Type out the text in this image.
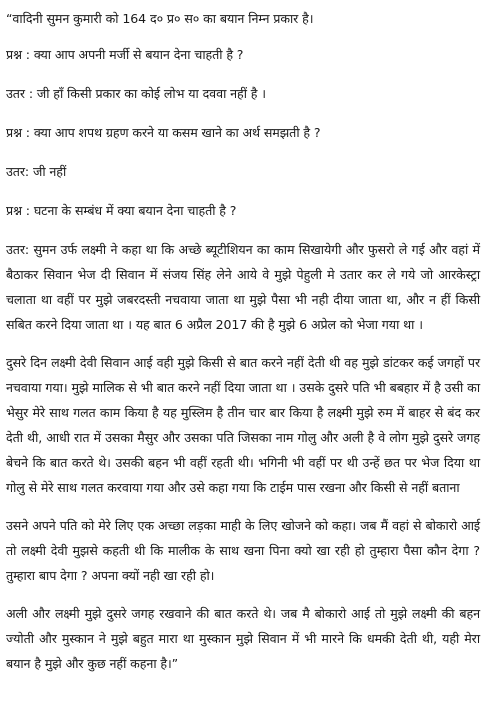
“वादिनी सुमन कुमारी को 164 द० प्र० स० का बयान निम्न प्रकार है।

प्रश्न : क्या आप अपनी मर्जी से बयान देना चाहती है ?

उतर : जी हाँ किसी प्रकार का कोई लोभ या दववा नहीं है ।

प्रश्न : क्या आप शपथ ग्रहण करने या कसम खाने का अर्थ समझती है ?

उतर: जी नहीं

प्रश्न : घटना के सम्बंध में क्या बयान देना चाहती है ?

उतर: सुमन उर्फ लक्ष्मी ने कहा था कि अच्छे ब्यूटीशियन का काम सिखायेगी और फुसरो ले गई और वहां में बैठाकर सिवान भेज दी सिवान में संजय सिंह लेने आये वे मुझे पेहुली मे उतार कर ले गये जो आरकेस्ट्रा चलाता था वहीं पर मुझे जबरदस्ती नचवाया जाता था मुझे पैसा भी नही दीया जाता था, और न हीं किसी सबित करने दिया जाता था । यह बात 6 अप्रैल 2017 की है मुझे 6 अप्रेल को भेजा गया था ।

दुसरे दिन लक्ष्मी देवी सिवान आई वही मुझे किसी से बात करने नहीं देती थी वह मुझे डांटकर कई जगहों पर नचवाया गया। मुझे मालिक से भी बात करने नहीं दिया जाता था । उसके दुसरे पति भी बबहार में है उसी का भेसुर मेरे साथ गलत काम किया है यह मुस्लिम है तीन चार बार किया है लक्ष्मी मुझे रुम में बाहर से बंद कर देती थी, आधी रात में उसका मैसुर और उसका पति जिसका नाम गोलु और अली है वे लोग मुझे दुसरे जगह बेचने कि बात करते थे। उसकी बहन भी वहीं रहती थी। भगिनी भी वहीं पर थी उन्हें छत पर भेज दिया था गोलु से मेरे साथ गलत करवाया गया और उसे कहा गया कि टाईम पास रखना और किसी से नहीं बताना

उसने अपने पति को मेरे लिए एक अच्छा लड़का माही के लिए खोजने को कहा। जब मैं वहां से बोकारो आई तो लक्ष्मी देवी मुझसे कहती थी कि मालीक के साथ खना पिना क्यो खा रही हो तुम्हारा पैसा कौन देगा ? तुम्हारा बाप देगा ? अपना क्यों नही खा रही हो।

अली और लक्ष्मी मुझे दुसरे जगह रखवाने की बात करते थे। जब मै बोकारो आई तो मुझे लक्ष्मी की बहन ज्योती और मुस्कान ने मुझे बहुत मारा था मुस्कान मुझे सिवान में भी मारने कि धमकी देती थी, यही मेरा बयान है मुझे और कुछ नहीं कहना है।”
